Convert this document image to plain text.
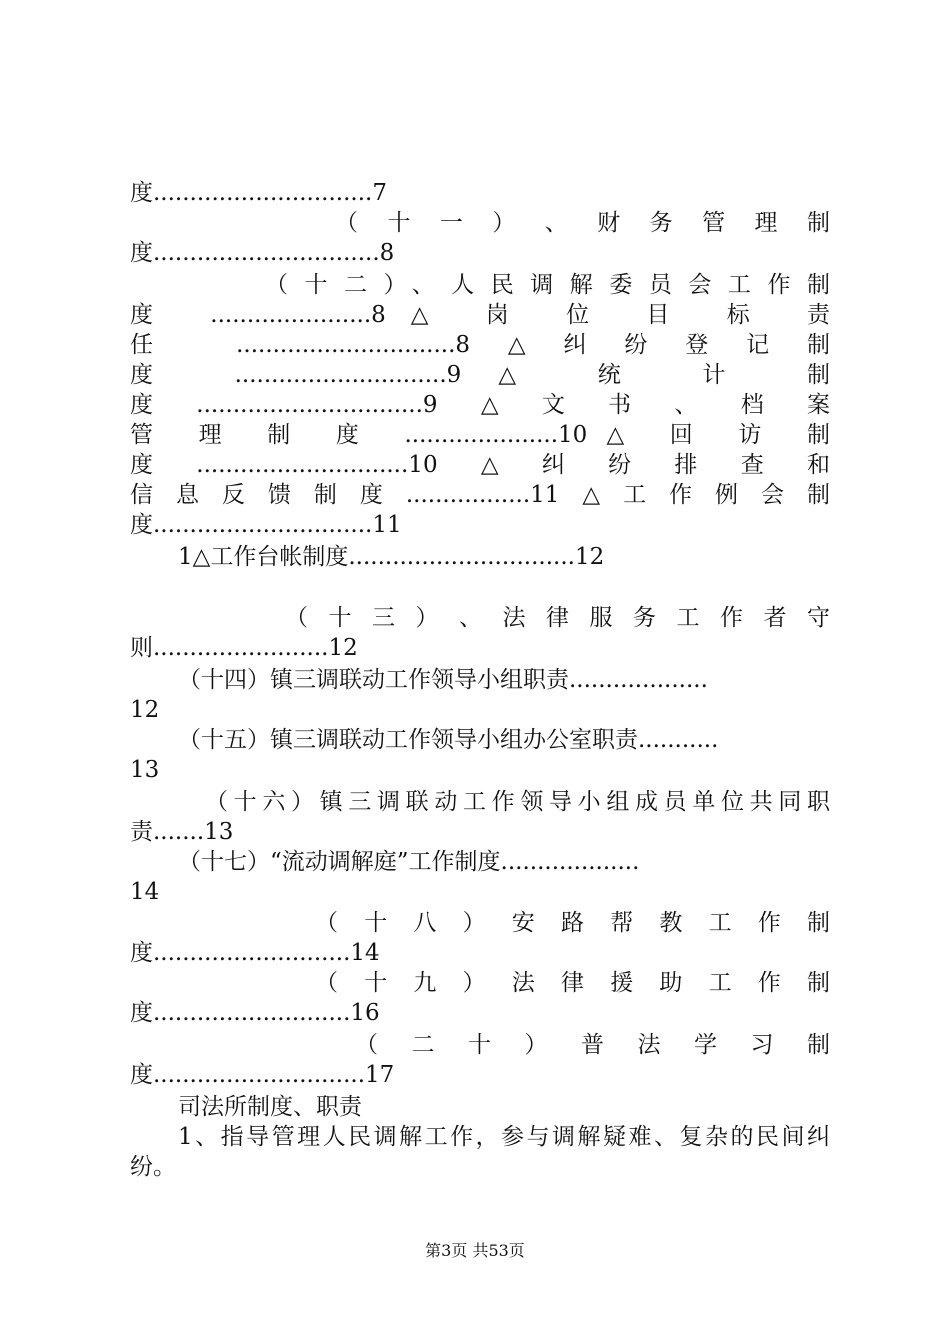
度..............................7
（ 十 一 ） 、 财 务 管 理 制
度...............................8
（十二）、人民调解委员会工作制
度 ......................8△ 岗 位 目 标 责
任 ..............................8△纠纷登记制
度 .............................9△ 统 计 制
度...............................9△文书、档案
管 理 制 度 .....................10△ 回 访 制
度.............................10△纠纷排查和
信息反馈制度.................11△工作例会制
度..............................11
1△工作台帐制度...............................12
（ 十 三 ） 、 法 律 服 务 工 作 者 守
则........................12
（十四）镇三调联动工作领导小组职责...................
12
（十五）镇三调联动工作领导小组办公室职责...........
13
（十六）镇三调联动工作领导小组成员单位共同职
责.......13
（十七）“流动调解庭”工作制度...................
14
（ 十 八 ） 安 路 帮 教 工 作 制
度...........................14
（ 十 九 ） 法 律 援 助 工 作 制
度...........................16
（ 二 十 ） 普 法 学 习 制
度.............................17
司法所制度、职责
1、指导管理人民调解工作，参与调解疑难、复杂的民间纠
纷。
第3页 共53页
